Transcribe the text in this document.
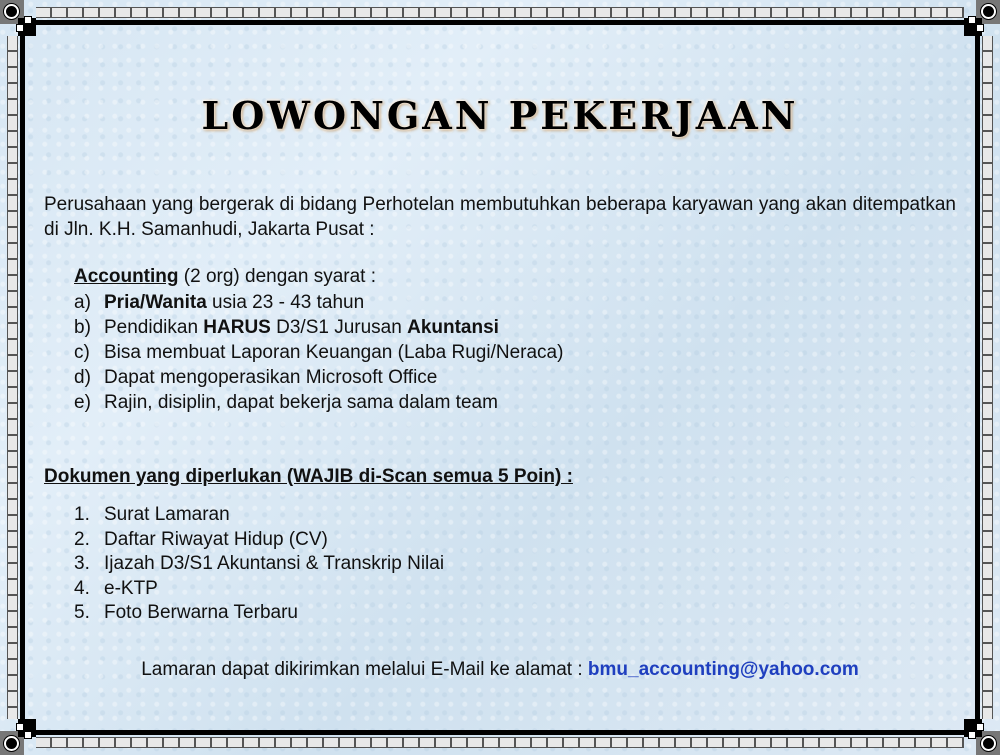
LOWONGAN PEKERJAAN
Perusahaan yang bergerak di bidang Perhotelan membutuhkan beberapa karyawan yang akan ditempatkan di Jln. K.H. Samanhudi, Jakarta Pusat :
Accounting (2 org) dengan syarat :
a) Pria/Wanita usia 23 - 43 tahun
b) Pendidikan HARUS D3/S1 Jurusan Akuntansi
c) Bisa membuat Laporan Keuangan (Laba Rugi/Neraca)
d) Dapat mengoperasikan Microsoft Office
e) Rajin, disiplin, dapat bekerja sama dalam team
Dokumen yang diperlukan (WAJIB di-Scan semua 5 Poin) :
1. Surat Lamaran
2. Daftar Riwayat Hidup (CV)
3. Ijazah D3/S1 Akuntansi & Transkrip Nilai
4. e-KTP
5. Foto Berwarna Terbaru
Lamaran dapat dikirimkan melalui E-Mail ke alamat : bmu_accounting@yahoo.com
